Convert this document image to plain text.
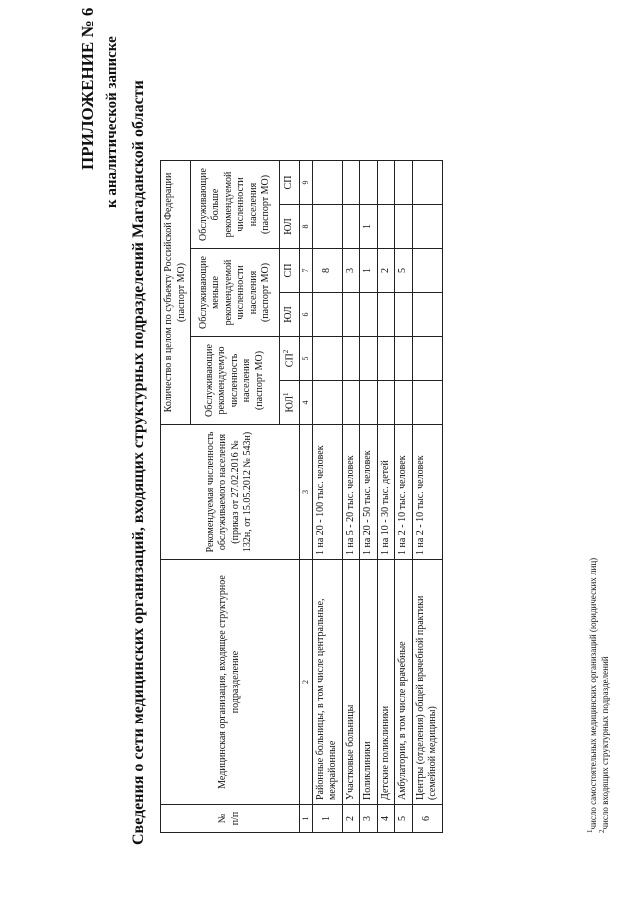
ПРИЛОЖЕНИЕ № 6 к аналитической записке Сведения о сети медицинских организаций, входящих структурных подразделений Магаданской области	№ п/п	Медицинская организация, входящее структурное подразделение	Рекомендуемая численность обслуживаемого населения (приказ от 27.02.2016 № 132н, от 15.05.2012 № 543н)	Количество в целом по субъекту Российской Федерации (паспорт МО)					
			Обслуживающие рекомендуемую численность населения (паспорт МО)		Обслуживающие меньше рекомендуемой численности населения (паспорт МО)		Обслуживающие больше рекомендуемой численности населения (паспорт МО)	
			$ЮЛ^1$	$СП^2$	ЮЛ	СП	ЮЛ	СП
1	2	3	4	5	6	7	8	9
1	Районные больницы, в том числе центральные, межрайонные	1 на 20 - 100 тыс. человек				8		
2	Участковые больницы	1 на 5 - 20 тыс. человек				3		
3	Поликлиники	1 на 20 - 50 тыс. человек				1	1	
4	Детские поликлиники	1 на 10 - 30 тыс. детей				2		
5	Амбулатории, в том числе врачебные	1 на 2 - 10 тыс. человек				5		
6	Центры (отделения) общей врачебной практики (семейной медицины)	1 на 2 - 10 тыс. человек						
$^1$число самостоятельных медицинских организаций (юридических лиц)
$^2$число входящих структурных подразделений
